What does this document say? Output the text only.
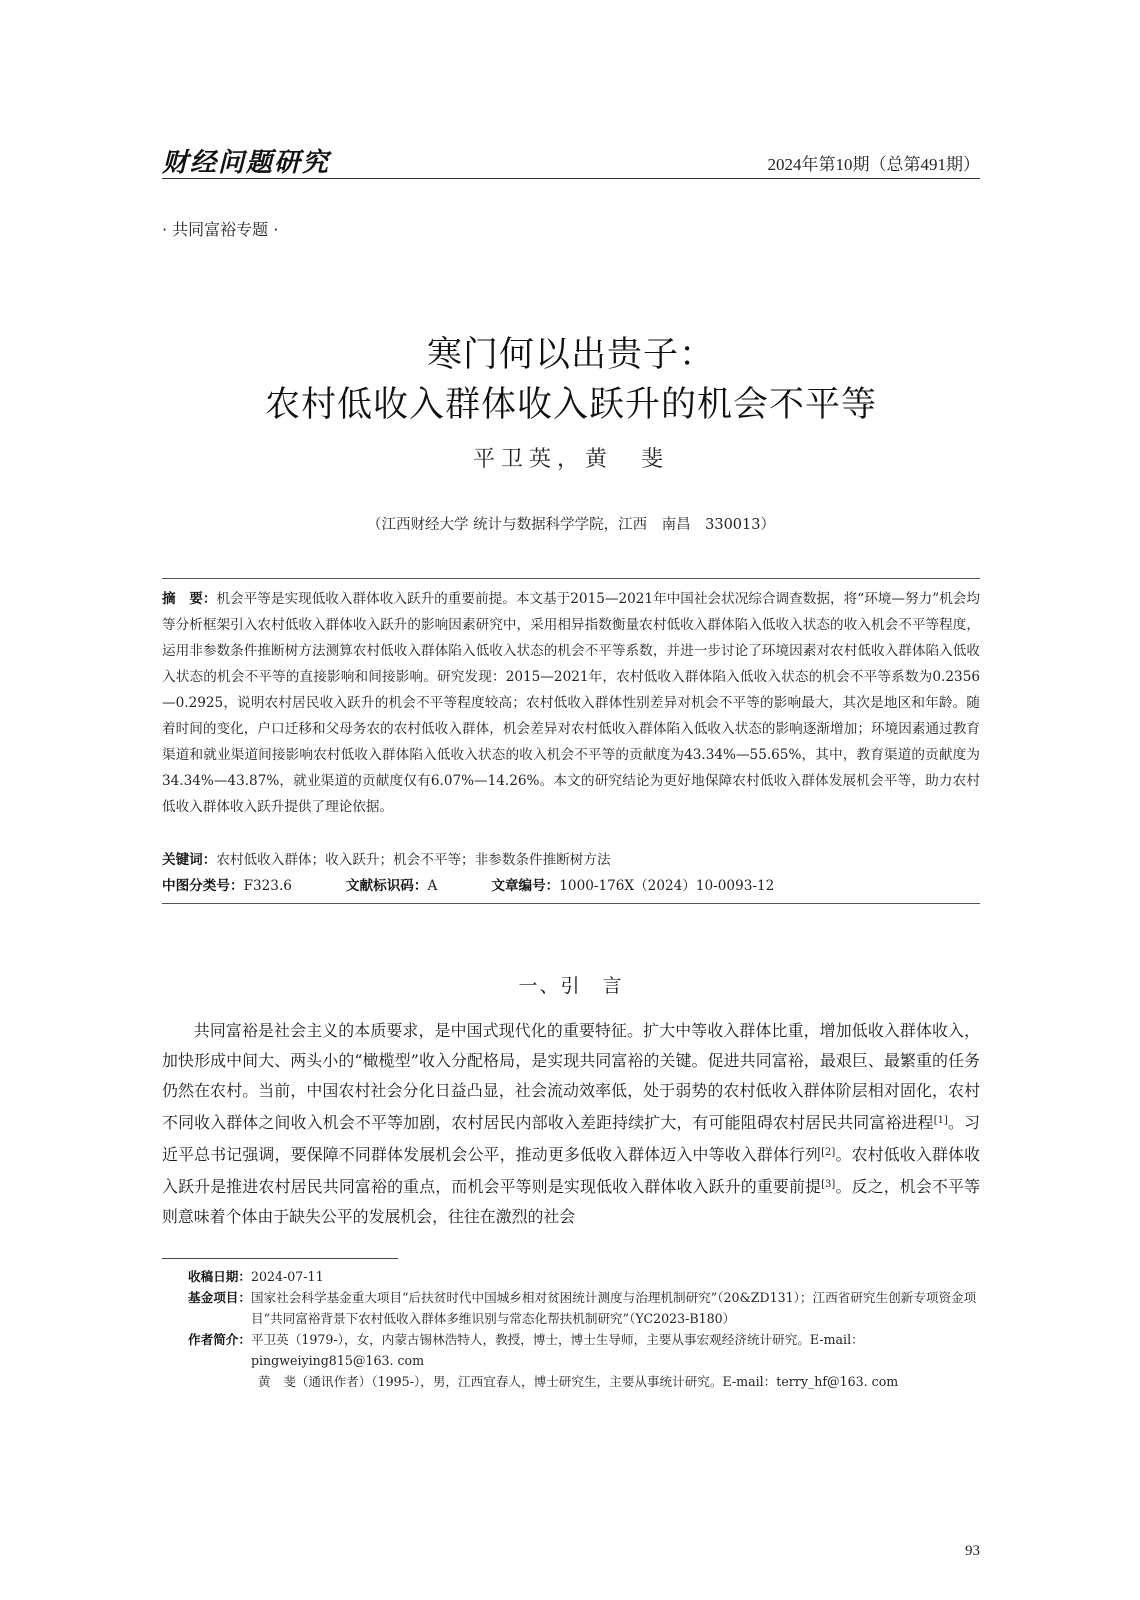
财经问题研究	2024年第10期（总第491期）
· 共同富裕专题 ·
寒门何以出贵子：
农村低收入群体收入跃升的机会不平等
平卫英，黄　斐
（江西财经大学 统计与数据科学学院，江西　南昌　330013）
摘　要：机会平等是实现低收入群体收入跃升的重要前提。本文基于2015—2021年中国社会状况综合调查数据，将“环境—努力”机会均等分析框架引入农村低收入群体收入跃升的影响因素研究中，采用相异指数衡量农村低收入群体陷入低收入状态的收入机会不平等程度，运用非参数条件推断树方法测算农村低收入群体陷入低收入状态的机会不平等系数，并进一步讨论了环境因素对农村低收入群体陷入低收入状态的机会不平等的直接影响和间接影响。研究发现：2015—2021年，农村低收入群体陷入低收入状态的机会不平等系数为0.2356—0.2925，说明农村居民收入跃升的机会不平等程度较高；农村低收入群体性别差异对机会不平等的影响最大，其次是地区和年龄。随着时间的变化，户口迁移和父母务农的农村低收入群体，机会差异对农村低收入群体陷入低收入状态的影响逐渐增加；环境因素通过教育渠道和就业渠道间接影响农村低收入群体陷入低收入状态的收入机会不平等的贡献度为43.34%—55.65%，其中，教育渠道的贡献度为34.34%—43.87%，就业渠道的贡献度仅有6.07%—14.26%。本文的研究结论为更好地保障农村低收入群体发展机会平等，助力农村低收入群体收入跃升提供了理论依据。
关键词：农村低收入群体；收入跃升；机会不平等；非参数条件推断树方法
中图分类号：F323.6	文献标识码：A	文章编号：1000-176X（2024）10-0093-12
一、引　言
共同富裕是社会主义的本质要求，是中国式现代化的重要特征。扩大中等收入群体比重，增加低收入群体收入，加快形成中间大、两头小的“橄榄型”收入分配格局，是实现共同富裕的关键。促进共同富裕，最艰巨、最繁重的任务仍然在农村。当前，中国农村社会分化日益凸显，社会流动效率低，处于弱势的农村低收入群体阶层相对固化，农村不同收入群体之间收入机会不平等加剧，农村居民内部收入差距持续扩大，有可能阻碍农村居民共同富裕进程[1]。习近平总书记强调，要保障不同群体发展机会公平，推动更多低收入群体迈入中等收入群体行列[2]。农村低收入群体收入跃升是推进农村居民共同富裕的重点，而机会平等则是实现低收入群体收入跃升的重要前提[3]。反之，机会不平等则意味着个体由于缺失公平的发展机会，往往在激烈的社会
收稿日期： 2024-07-11
基金项目： 国家社会科学基金重大项目“后扶贫时代中国城乡相对贫困统计测度与治理机制研究”（20&ZD131）；江西省研究生创新专项资金项目“共同富裕背景下农村低收入群体多维识别与常态化帮扶机制研究”（YC2023-B180）
作者简介： 平卫英（1979-），女，内蒙古锡林浩特人，教授，博士，博士生导师，主要从事宏观经济统计研究。E-mail：pingweiying815@163. com
黄　斐（通讯作者）（1995-），男，江西宜春人，博士研究生，主要从事统计研究。E-mail：terry_hf@163. com
93
